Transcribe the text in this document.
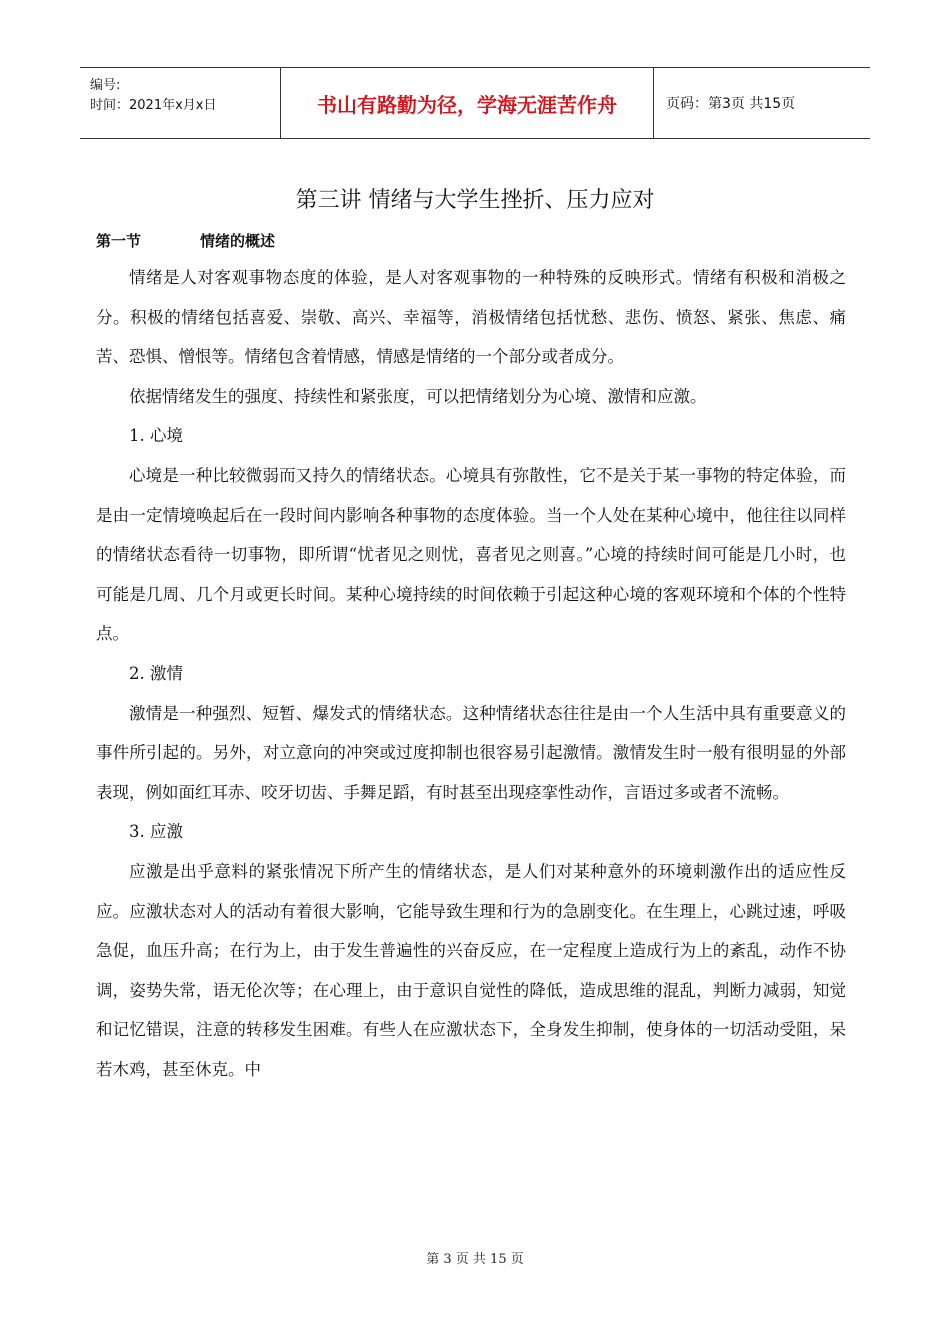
编号:
时间：2021年x月x日	书山有路勤为径，学海无涯苦作舟	页码：第3页 共15页
第三讲 情绪与大学生挫折、压力应对
第一节	情绪的概述

情绪是人对客观事物态度的体验，是人对客观事物的一种特殊的反映形式。情绪有积极和消极之分。积极的情绪包括喜爱、崇敬、高兴、幸福等，消极情绪包括忧愁、悲伤、愤怒、紧张、焦虑、痛苦、恐惧、憎恨等。情绪包含着情感，情感是情绪的一个部分或者成分。

依据情绪发生的强度、持续性和紧张度，可以把情绪划分为心境、激情和应激。

1. 心境

心境是一种比较微弱而又持久的情绪状态。心境具有弥散性，它不是关于某一事物的特定体验，而是由一定情境唤起后在一段时间内影响各种事物的态度体验。当一个人处在某种心境中，他往往以同样的情绪状态看待一切事物，即所谓“忧者见之则忧，喜者见之则喜。”心境的持续时间可能是几小时，也可能是几周、几个月或更长时间。某种心境持续的时间依赖于引起这种心境的客观环境和个体的个性特点。

2. 激情

激情是一种强烈、短暂、爆发式的情绪状态。这种情绪状态往往是由一个人生活中具有重要意义的事件所引起的。另外，对立意向的冲突或过度抑制也很容易引起激情。激情发生时一般有很明显的外部表现，例如面红耳赤、咬牙切齿、手舞足蹈，有时甚至出现痉挛性动作，言语过多或者不流畅。

3. 应激

应激是出乎意料的紧张情况下所产生的情绪状态，是人们对某种意外的环境刺激作出的适应性反应。应激状态对人的活动有着很大影响，它能导致生理和行为的急剧变化。在生理上，心跳过速，呼吸急促，血压升高；在行为上，由于发生普遍性的兴奋反应，在一定程度上造成行为上的紊乱，动作不协调，姿势失常，语无伦次等；在心理上，由于意识自觉性的降低，造成思维的混乱，判断力减弱，知觉和记忆错误，注意的转移发生困难。有些人在应激状态下，全身发生抑制，使身体的一切活动受阻，呆若木鸡，甚至休克。中

第 3 页 共 15 页
